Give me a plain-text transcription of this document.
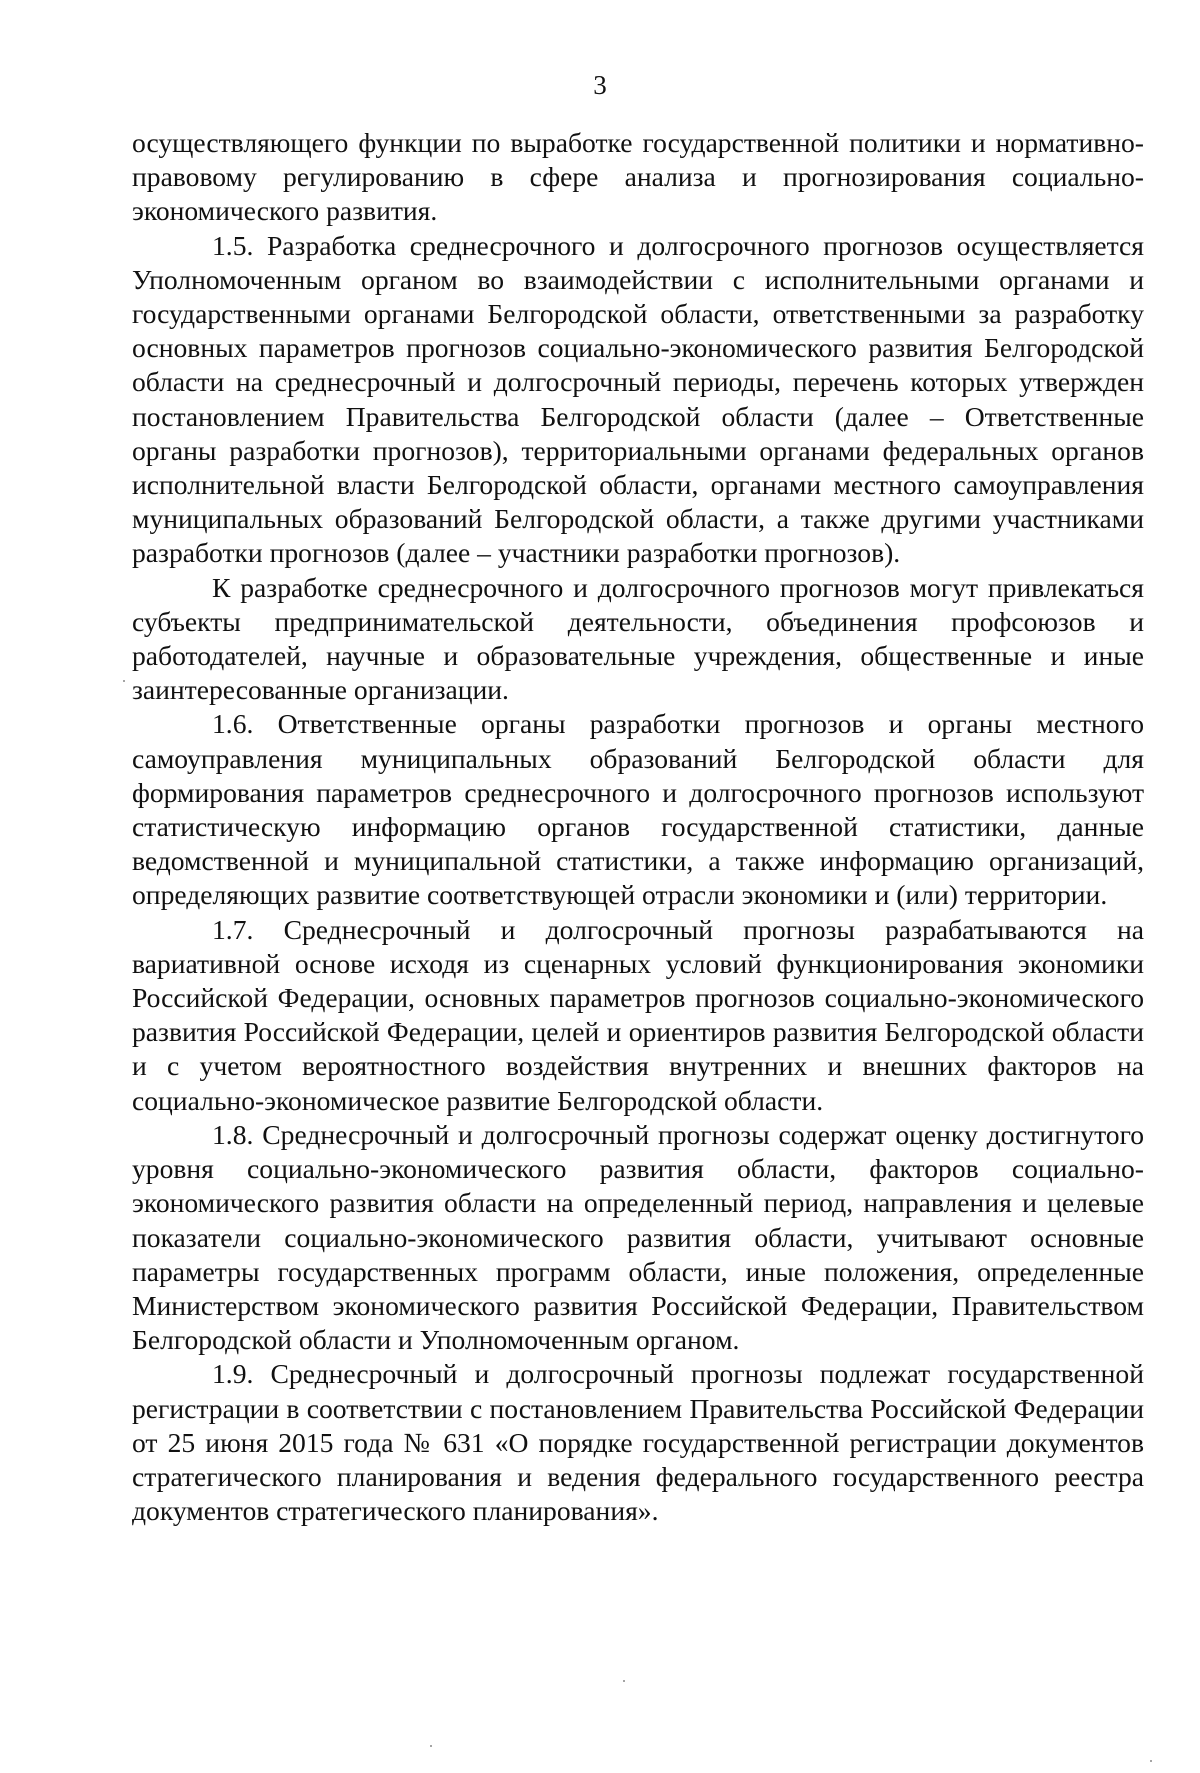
3

осуществляющего функции по выработке государственной политики и нормативно-правовому регулированию в сфере анализа и прогнозирования социально-экономического развития.

1.5. Разработка среднесрочного и долгосрочного прогнозов осуществляется Уполномоченным органом во взаимодействии с исполнительными органами и государственными органами Белгородской области, ответственными за разработку основных параметров прогнозов социально-экономического развития Белгородской области на среднесрочный и долгосрочный периоды, перечень которых утвержден постановлением Правительства Белгородской области (далее – Ответственные органы разработки прогнозов), территориальными органами федеральных органов исполнительной власти Белгородской области, органами местного самоуправления муниципальных образований Белгородской области, а также другими участниками разработки прогнозов (далее – участники разработки прогнозов).

К разработке среднесрочного и долгосрочного прогнозов могут привлекаться субъекты предпринимательской деятельности, объединения профсоюзов и работодателей, научные и образовательные учреждения, общественные и иные заинтересованные организации.

1.6. Ответственные органы разработки прогнозов и органы местного самоуправления муниципальных образований Белгородской области для формирования параметров среднесрочного и долгосрочного прогнозов используют статистическую информацию органов государственной статистики, данные ведомственной и муниципальной статистики, а также информацию организаций, определяющих развитие соответствующей отрасли экономики и (или) территории.

1.7. Среднесрочный и долгосрочный прогнозы разрабатываются на вариативной основе исходя из сценарных условий функционирования экономики Российской Федерации, основных параметров прогнозов социально-экономического развития Российской Федерации, целей и ориентиров развития Белгородской области и с учетом вероятностного воздействия внутренних и внешних факторов на социально-экономическое развитие Белгородской области.

1.8. Среднесрочный и долгосрочный прогнозы содержат оценку достигнутого уровня социально-экономического развития области, факторов социально-экономического развития области на определенный период, направления и целевые показатели социально-экономического развития области, учитывают основные параметры государственных программ области, иные положения, определенные Министерством экономического развития Российской Федерации, Правительством Белгородской области и Уполномоченным органом.

1.9. Среднесрочный и долгосрочный прогнозы подлежат государственной регистрации в соответствии с постановлением Правительства Российской Федерации от 25 июня 2015 года № 631 «О порядке государственной регистрации документов стратегического планирования и ведения федерального государственного реестра документов стратегического планирования».
